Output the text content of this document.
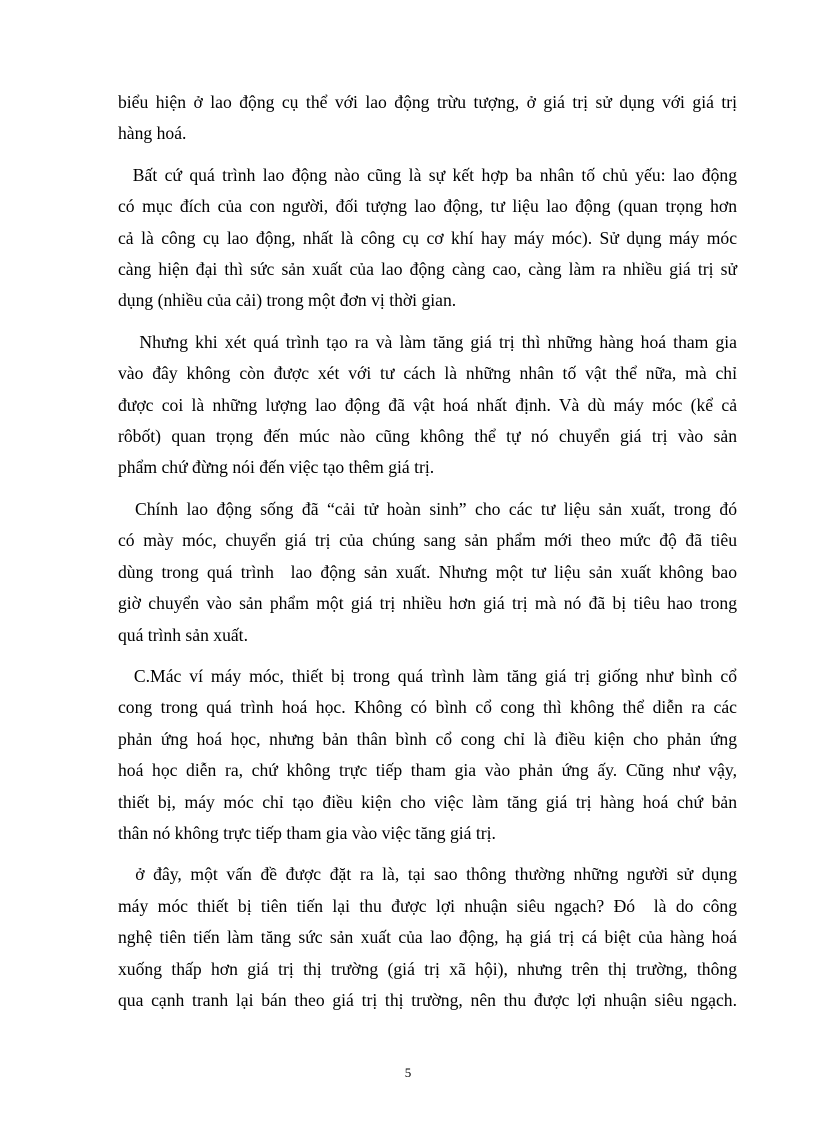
biểu hiện ở lao động cụ thể với lao động trừu tượng, ở giá trị sử dụng với giá trị
hàng hoá.

Bất cứ quá trình lao động nào cũng là sự kết hợp ba nhân tố chủ yếu: lao động
có mục đích của con người, đối tượng lao động, tư liệu lao động (quan trọng hơn
cả là công cụ lao động, nhất là công cụ cơ khí hay máy móc). Sử dụng máy móc
càng hiện đại thì sức sản xuất của lao động càng cao, càng làm ra nhiều giá trị sử
dụng (nhiều của cải) trong một đơn vị thời gian.

Nhưng khi xét quá trình tạo ra và làm tăng giá trị thì những hàng hoá tham gia
vào đây không còn được xét với tư cách là những nhân tố vật thể nữa, mà chỉ
được coi là những lượng lao động đã vật hoá nhất định. Và dù máy móc (kể cả
rôbốt) quan trọng đến múc nào cũng không thể tự nó chuyển giá trị vào sản
phẩm chứ đừng nói đến việc tạo thêm giá trị.

Chính lao động sống đã “cải tử hoàn sinh” cho các tư liệu sản xuất, trong đó
có mày móc, chuyển giá trị của chúng sang sản phẩm mới theo mức độ đã tiêu
dùng trong quá trình  lao động sản xuất. Nhưng một tư liệu sản xuất không bao
giờ chuyển vào sản phẩm một giá trị nhiều hơn giá trị mà nó đã bị tiêu hao trong
quá trình sản xuất.

C.Mác ví máy móc, thiết bị trong quá trình làm tăng giá trị giống như bình cổ
cong trong quá trình hoá học. Không có bình cổ cong thì không thể diễn ra các
phản ứng hoá học, nhưng bản thân bình cổ cong chỉ là điều kiện cho phản ứng
hoá học diễn ra, chứ không trực tiếp tham gia vào phản ứng ấy. Cũng như vậy,
thiết bị, máy móc chỉ tạo điều kiện cho việc làm tăng giá trị hàng hoá chứ bản
thân nó không trực tiếp tham gia vào việc tăng giá trị.

ở đây, một vấn đề được đặt ra là, tại sao thông thường những người sử dụng
máy móc thiết bị tiên tiến lại thu được lợi nhuận siêu ngạch? Đó  là do công
nghệ tiên tiến làm tăng sức sản xuất của lao động, hạ giá trị cá biệt của hàng hoá
xuống thấp hơn giá trị thị trường (giá trị xã hội), nhưng trên thị trường, thông
qua cạnh tranh lại bán theo giá trị thị trường, nên thu được lợi nhuận siêu ngạch.

5
